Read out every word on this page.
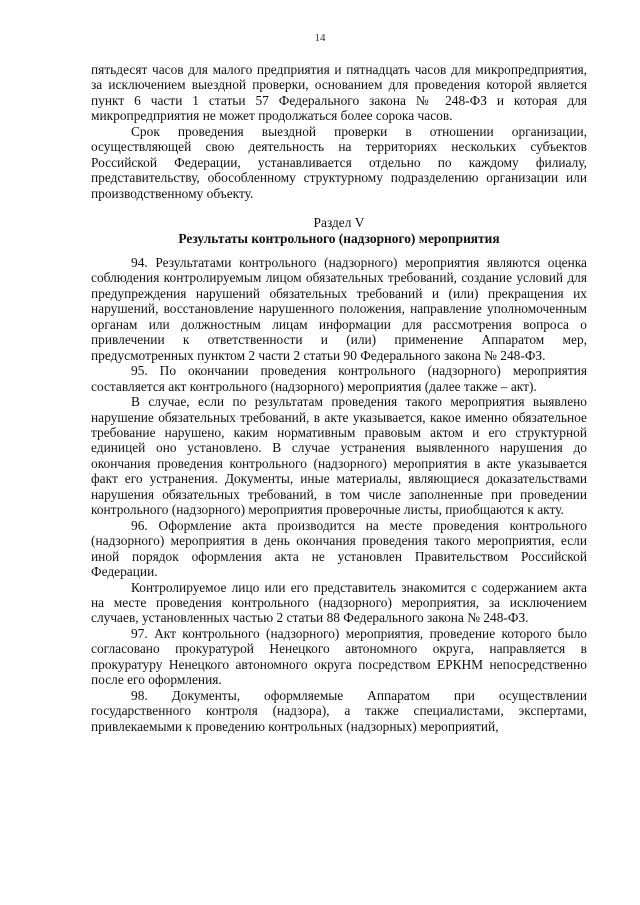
14

пятьдесят часов для малого предприятия и пятнадцать часов для микропредприятия, за исключением выездной проверки, основанием для проведения которой является пункт 6 части 1 статьи 57 Федерального закона № 248-ФЗ и которая для микропредприятия не может продолжаться более сорока часов.

Срок проведения выездной проверки в отношении организации, осуществляющей свою деятельность на территориях нескольких субъектов Российской Федерации, устанавливается отдельно по каждому филиалу, представительству, обособленному структурному подразделению организации или производственному объекту.

Раздел V

Результаты контрольного (надзорного) мероприятия

94. Результатами контрольного (надзорного) мероприятия являются оценка соблюдения контролируемым лицом обязательных требований, создание условий для предупреждения нарушений обязательных требований и (или) прекращения их нарушений, восстановление нарушенного положения, направление уполномоченным органам или должностным лицам информации для рассмотрения вопроса о привлечении к ответственности и (или) применение Аппаратом мер, предусмотренных пунктом 2 части 2 статьи 90 Федерального закона № 248-ФЗ.

95. По окончании проведения контрольного (надзорного) мероприятия составляется акт контрольного (надзорного) мероприятия (далее также – акт).

В случае, если по результатам проведения такого мероприятия выявлено нарушение обязательных требований, в акте указывается, какое именно обязательное требование нарушено, каким нормативным правовым актом и его структурной единицей оно установлено. В случае устранения выявленного нарушения до окончания проведения контрольного (надзорного) мероприятия в акте указывается факт его устранения. Документы, иные материалы, являющиеся доказательствами нарушения обязательных требований, в том числе заполненные при проведении контрольного (надзорного) мероприятия проверочные листы, приобщаются к акту.

96. Оформление акта производится на месте проведения контрольного (надзорного) мероприятия в день окончания проведения такого мероприятия, если иной порядок оформления акта не установлен Правительством Российской Федерации.

Контролируемое лицо или его представитель знакомится с содержанием акта на месте проведения контрольного (надзорного) мероприятия, за исключением случаев, установленных частью 2 статьи 88 Федерального закона № 248-ФЗ.

97. Акт контрольного (надзорного) мероприятия, проведение которого было согласовано прокуратурой Ненецкого автономного округа, направляется в прокуратуру Ненецкого автономного округа посредством ЕРКНМ непосредственно после его оформления.

98. Документы, оформляемые Аппаратом при осуществлении государственного контроля (надзора), а также специалистами, экспертами, привлекаемыми к проведению контрольных (надзорных) мероприятий,
